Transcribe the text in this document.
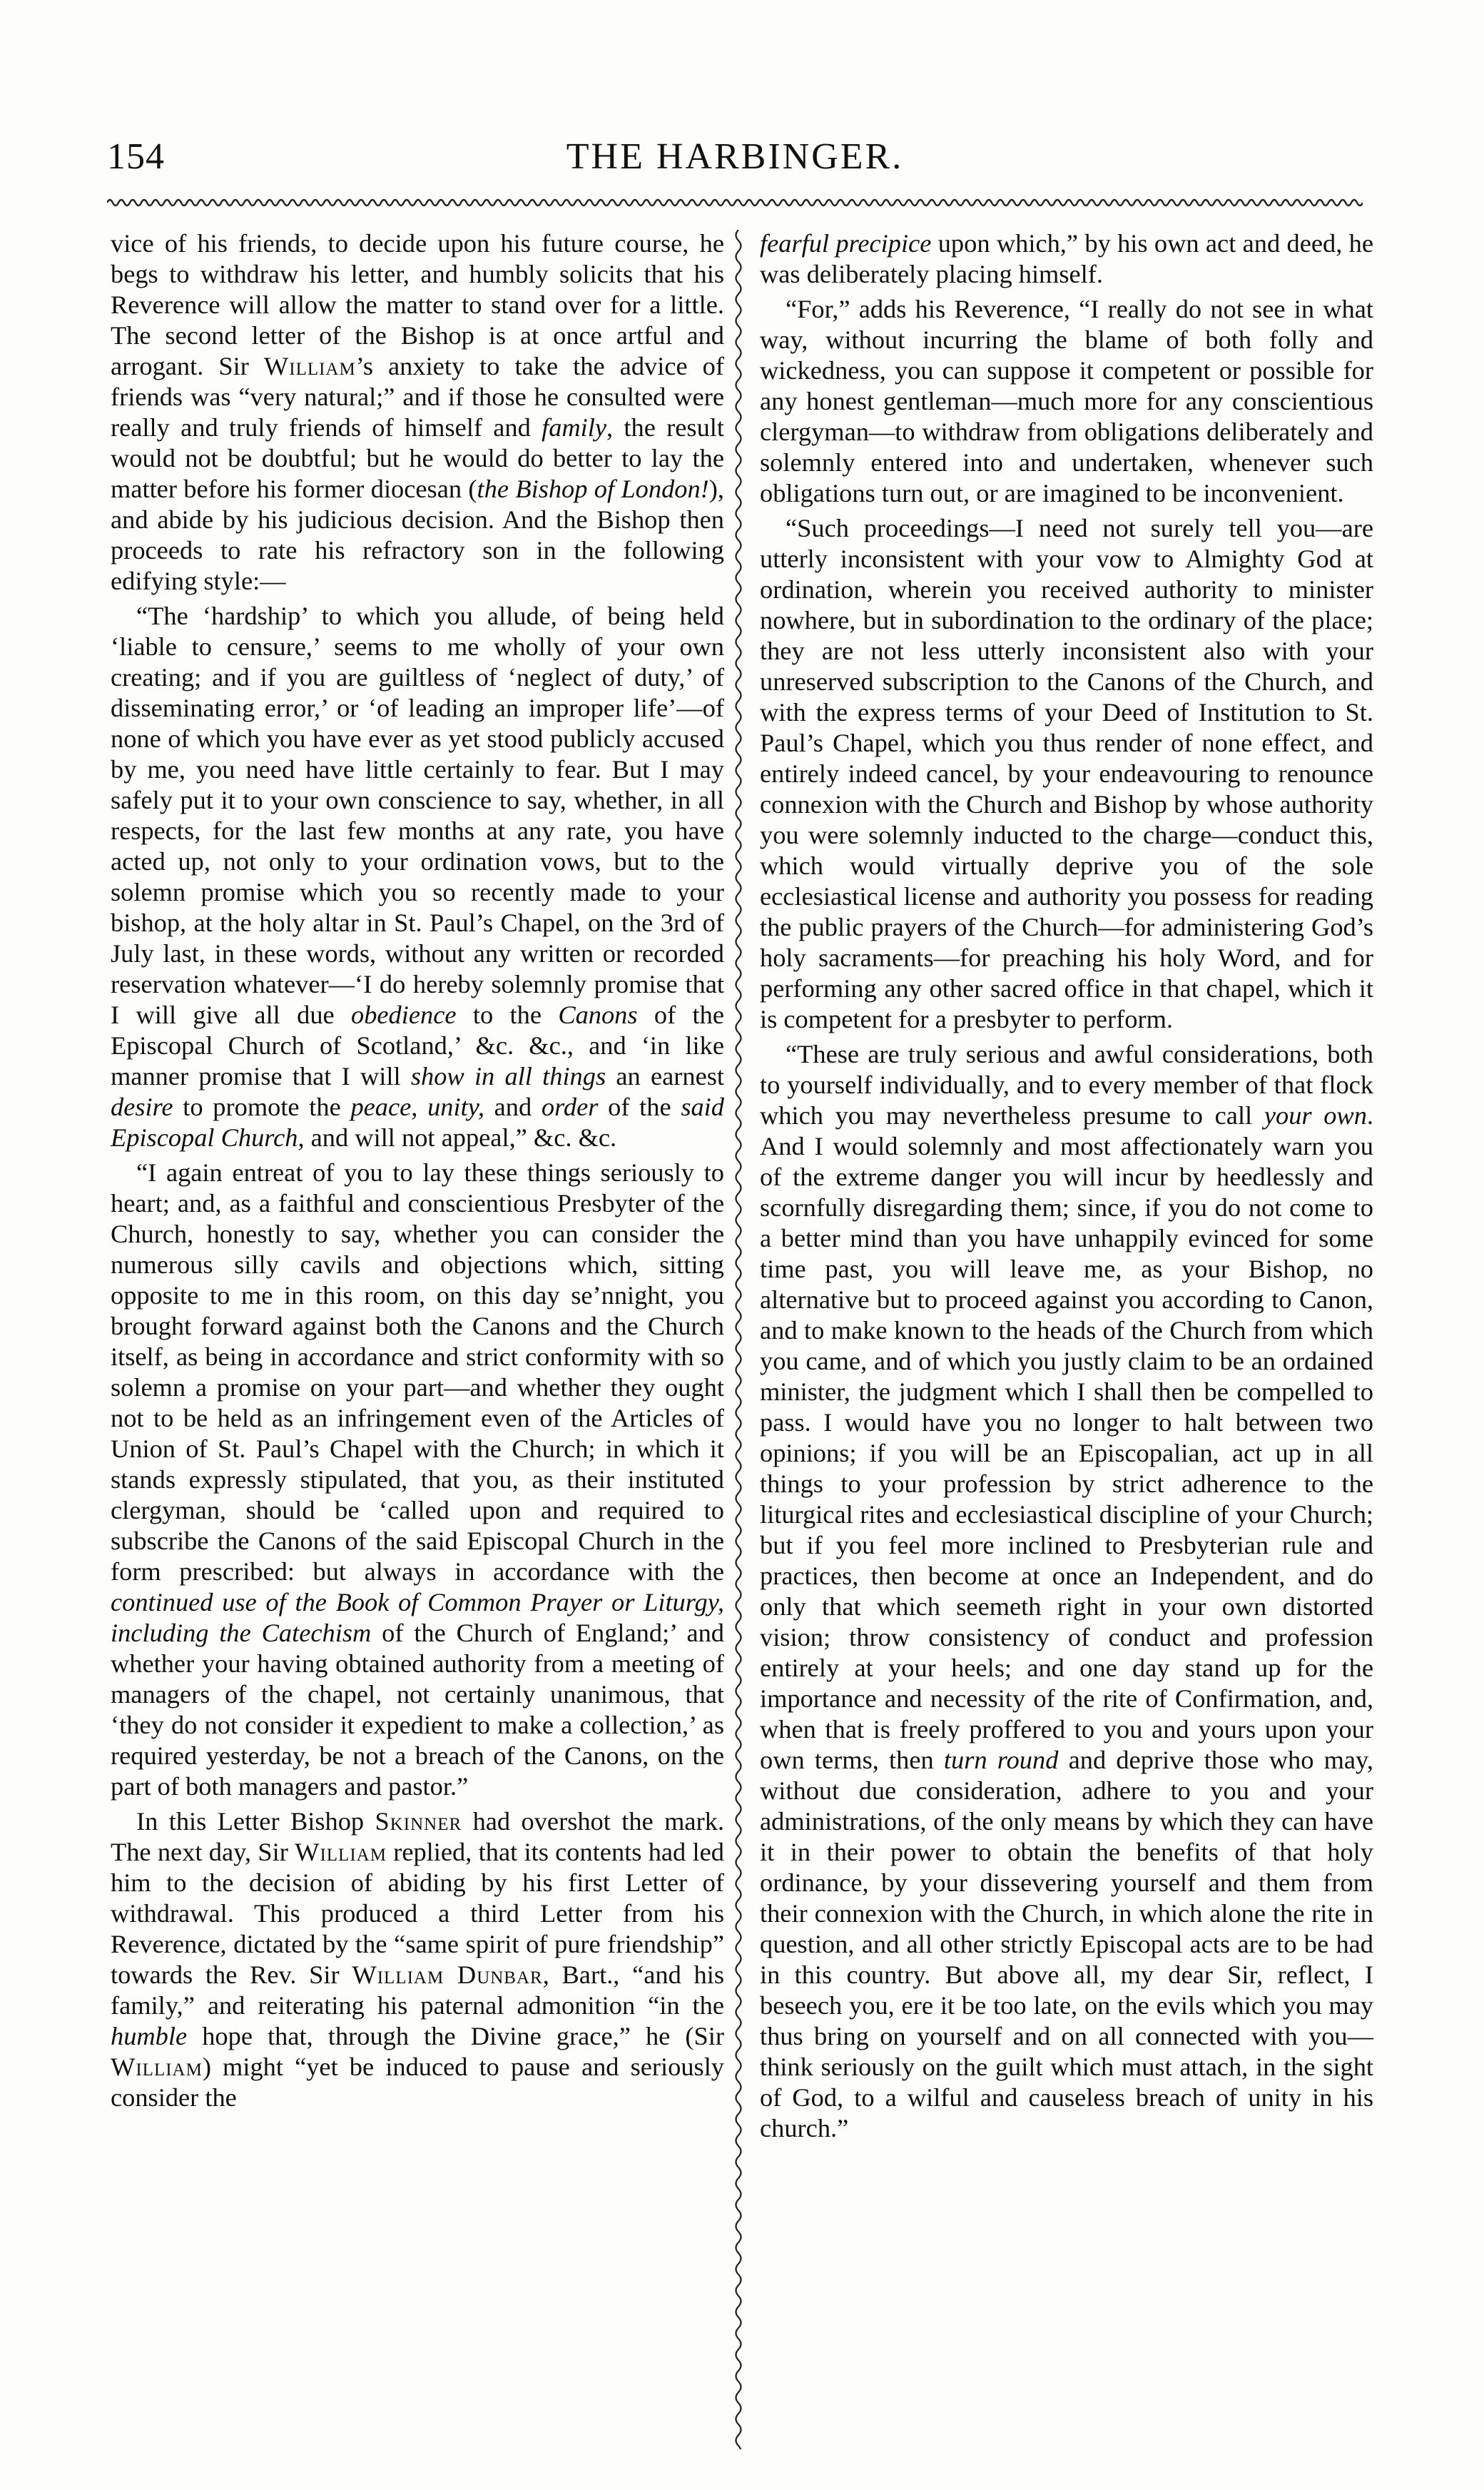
154	THE HARBINGER.

vice of his friends, to decide upon his future course, he begs to withdraw his letter, and humbly solicits that his Reverence will allow the matter to stand over for a little. The second letter of the Bishop is at once artful and arrogant. Sir William’s anxiety to take the advice of friends was “very natural;” and if those he consulted were really and truly friends of himself and family, the result would not be doubtful; but he would do better to lay the matter before his former diocesan (the Bishop of London!), and abide by his judicious decision. And the Bishop then proceeds to rate his refractory son in the following edifying style:—

“The ‘hardship’ to which you allude, of being held ‘liable to censure,’ seems to me wholly of your own creating; and if you are guiltless of ‘neglect of duty,’ of disseminating error,’ or ‘of leading an improper life’—of none of which you have ever as yet stood publicly accused by me, you need have little certainly to fear. But I may safely put it to your own conscience to say, whether, in all respects, for the last few months at any rate, you have acted up, not only to your ordination vows, but to the solemn promise which you so recently made to your bishop, at the holy altar in St. Paul’s Chapel, on the 3rd of July last, in these words, without any written or recorded reservation whatever—‘I do hereby solemnly promise that I will give all due obedience to the Canons of the Episcopal Church of Scotland,’ &c. &c., and ‘in like manner promise that I will show in all things an earnest desire to promote the peace, unity, and order of the said Episcopal Church, and will not appeal,” &c. &c.

“I again entreat of you to lay these things seriously to heart; and, as a faithful and conscientious Presbyter of the Church, honestly to say, whether you can consider the numerous silly cavils and objections which, sitting opposite to me in this room, on this day se’nnight, you brought forward against both the Canons and the Church itself, as being in accordance and strict conformity with so solemn a promise on your part—and whether they ought not to be held as an infringement even of the Articles of Union of St. Paul’s Chapel with the Church; in which it stands expressly stipulated, that you, as their instituted clergyman, should be ‘called upon and required to subscribe the Canons of the said Episcopal Church in the form prescribed: but always in accordance with the continued use of the Book of Common Prayer or Liturgy, including the Catechism of the Church of England;’ and whether your having obtained authority from a meeting of managers of the chapel, not certainly unanimous, that ‘they do not consider it expedient to make a collection,’ as required yesterday, be not a breach of the Canons, on the part of both managers and pastor.”

In this Letter Bishop Skinner had overshot the mark. The next day, Sir William replied, that its contents had led him to the decision of abiding by his first Letter of withdrawal. This produced a third Letter from his Reverence, dictated by the “same spirit of pure friendship” towards the Rev. Sir William Dunbar, Bart., “and his family,” and reiterating his paternal admonition “in the humble hope that, through the Divine grace,” he (Sir William) might “yet be induced to pause and seriously consider the

fearful precipice upon which,” by his own act and deed, he was deliberately placing himself.

“For,” adds his Reverence, “I really do not see in what way, without incurring the blame of both folly and wickedness, you can suppose it competent or possible for any honest gentleman—much more for any conscientious clergyman—to withdraw from obligations deliberately and solemnly entered into and undertaken, whenever such obligations turn out, or are imagined to be inconvenient.

“Such proceedings—I need not surely tell you—are utterly inconsistent with your vow to Almighty God at ordination, wherein you received authority to minister nowhere, but in subordination to the ordinary of the place; they are not less utterly inconsistent also with your unreserved subscription to the Canons of the Church, and with the express terms of your Deed of Institution to St. Paul’s Chapel, which you thus render of none effect, and entirely indeed cancel, by your endeavouring to renounce connexion with the Church and Bishop by whose authority you were solemnly inducted to the charge—conduct this, which would virtually deprive you of the sole ecclesiastical license and authority you possess for reading the public prayers of the Church—for administering God’s holy sacraments—for preaching his holy Word, and for performing any other sacred office in that chapel, which it is competent for a presbyter to perform.

“These are truly serious and awful considerations, both to yourself individually, and to every member of that flock which you may nevertheless presume to call your own. And I would solemnly and most affectionately warn you of the extreme danger you will incur by heedlessly and scornfully disregarding them; since, if you do not come to a better mind than you have unhappily evinced for some time past, you will leave me, as your Bishop, no alternative but to proceed against you according to Canon, and to make known to the heads of the Church from which you came, and of which you justly claim to be an ordained minister, the judgment which I shall then be compelled to pass. I would have you no longer to halt between two opinions; if you will be an Episcopalian, act up in all things to your profession by strict adherence to the liturgical rites and ecclesiastical discipline of your Church; but if you feel more inclined to Presbyterian rule and practices, then become at once an Independent, and do only that which seemeth right in your own distorted vision; throw consistency of conduct and profession entirely at your heels; and one day stand up for the importance and necessity of the rite of Confirmation, and, when that is freely proffered to you and yours upon your own terms, then turn round and deprive those who may, without due consideration, adhere to you and your administrations, of the only means by which they can have it in their power to obtain the benefits of that holy ordinance, by your dissevering yourself and them from their connexion with the Church, in which alone the rite in question, and all other strictly Episcopal acts are to be had in this country. But above all, my dear Sir, reflect, I beseech you, ere it be too late, on the evils which you may thus bring on yourself and on all connected with you—think seriously on the guilt which must attach, in the sight of God, to a wilful and causeless breach of unity in his church.”
